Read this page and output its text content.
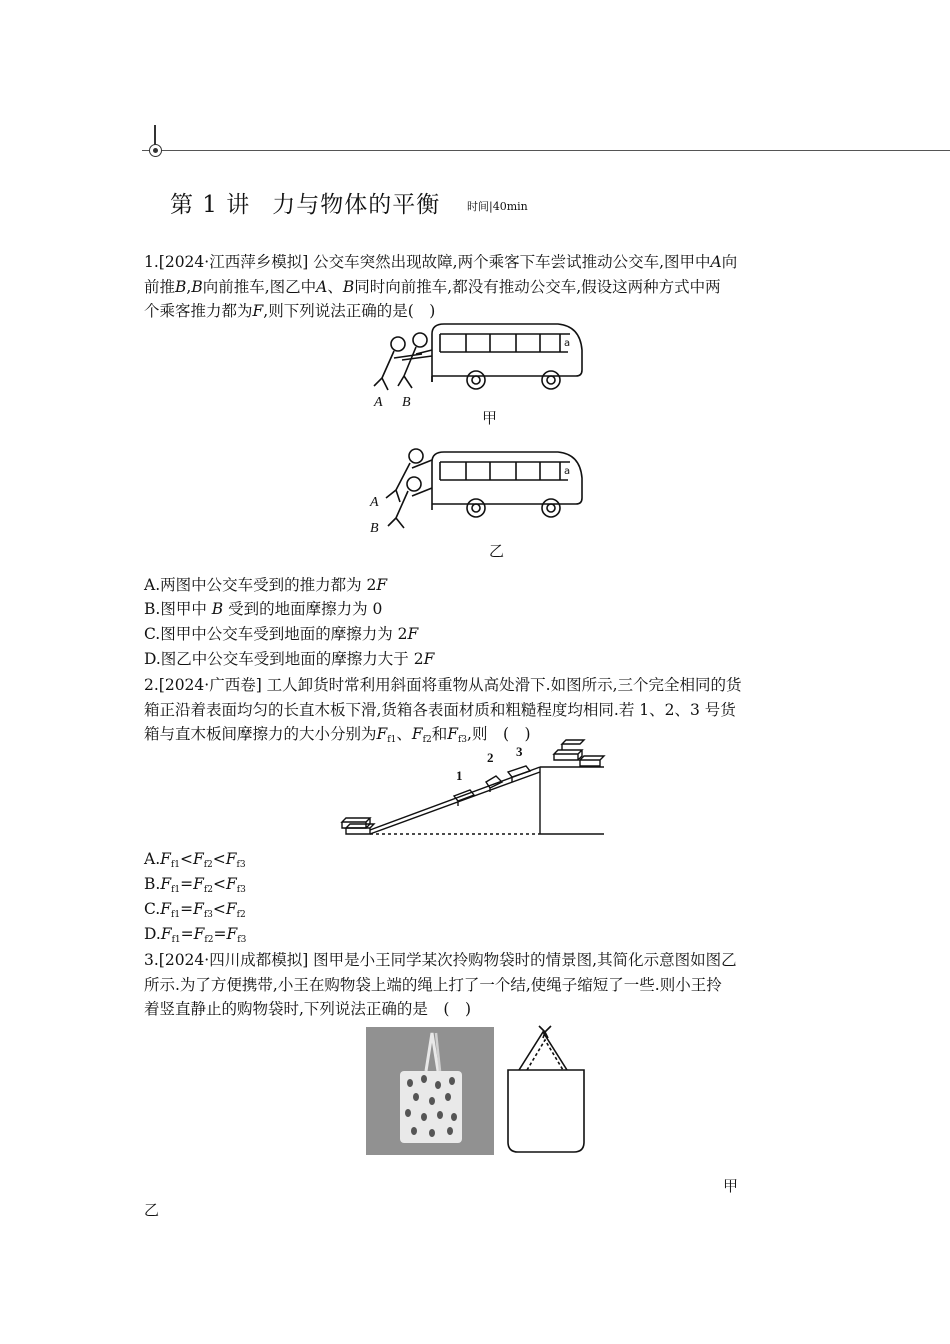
第 1 讲 力与物体的平衡 时间|40min
1.[2024·江西萍乡模拟] 公交车突然出现故障,两个乘客下车尝试推动公交车,图甲中A向
前推B,B向前推车,图乙中A、B同时向前推车,都没有推动公交车,假设这两种方式中两
个乘客推力都为F,则下列说法正确的是(　)
a
A B
甲
a
A
B
乙
A.两图中公交车受到的推力都为 2F
B.图甲中 B 受到的地面摩擦力为 0
C.图甲中公交车受到地面的摩擦力为 2F
D.图乙中公交车受到地面的摩擦力大于 2F
2.[2024·广西卷] 工人卸货时常利用斜面将重物从高处滑下.如图所示,三个完全相同的货
箱正沿着表面均匀的长直木板下滑,货箱各表面材质和粗糙程度均相同.若 1、2、3 号货
箱与直木板间摩擦力的大小分别为$F_{f1}$、$F_{f2}$和$F_{f3}$,则　(　)
1
2 3
$A.F_{f1}<F_{f2}<F_{f3}$
$B.F_{f1}=F_{f2}<F_{f3}$
$C.F_{f1}=F_{f3}<F_{f2}$
$D.F_{f1}=F_{f2}=F_{f3}$
3.[2024·四川成都模拟] 图甲是小王同学某次拎购物袋时的情景图,其简化示意图如图乙
所示.为了方便携带,小王在购物袋上端的绳上打了一个结,使绳子缩短了一些.则小王拎
着竖直静止的购物袋时,下列说法正确的是　(　)
甲
乙
